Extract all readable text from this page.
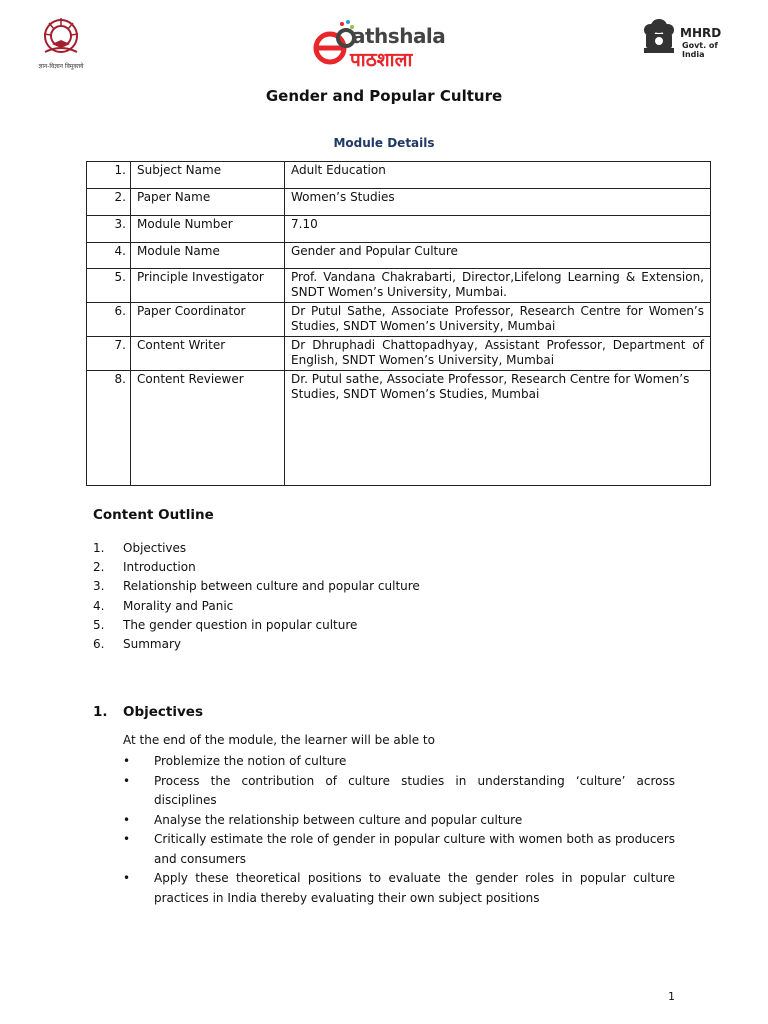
ज्ञान-विज्ञान विमुक्तये
athshala
पाठशाला
MHRD
Govt. of India
Gender and Popular Culture
Module Details
1.	Subject Name	Adult Education
2.	Paper Name	Women’s Studies
3.	Module Number	7.10
4.	Module Name	Gender and Popular Culture
5.	Principle Investigator	Prof. Vandana Chakrabarti, Director,Lifelong Learning & Extension, SNDT Women’s University, Mumbai.
6.	Paper Coordinator	Dr Putul Sathe, Associate Professor, Research Centre for Women’s Studies, SNDT Women’s University, Mumbai
7.	Content Writer	Dr Dhruphadi Chattopadhyay, Assistant Professor, Department of English, SNDT Women’s University, Mumbai
8.	Content Reviewer	Dr. Putul sathe, Associate Professor, Research Centre for Women’s Studies, SNDT Women’s Studies, Mumbai
Content Outline
1. Objectives
2. Introduction
3. Relationship between culture and popular culture
4. Morality and Panic
5. The gender question in popular culture
6. Summary
1. Objectives
At the end of the module, the learner will be able to
• Problemize the notion of culture
• Process the contribution of culture studies in understanding ‘culture’ across disciplines
• Analyse the relationship between culture and popular culture
• Critically estimate the role of gender in popular culture with women both as producers and consumers
• Apply these theoretical positions to evaluate the gender roles in popular culture practices in India thereby evaluating their own subject positions
1
